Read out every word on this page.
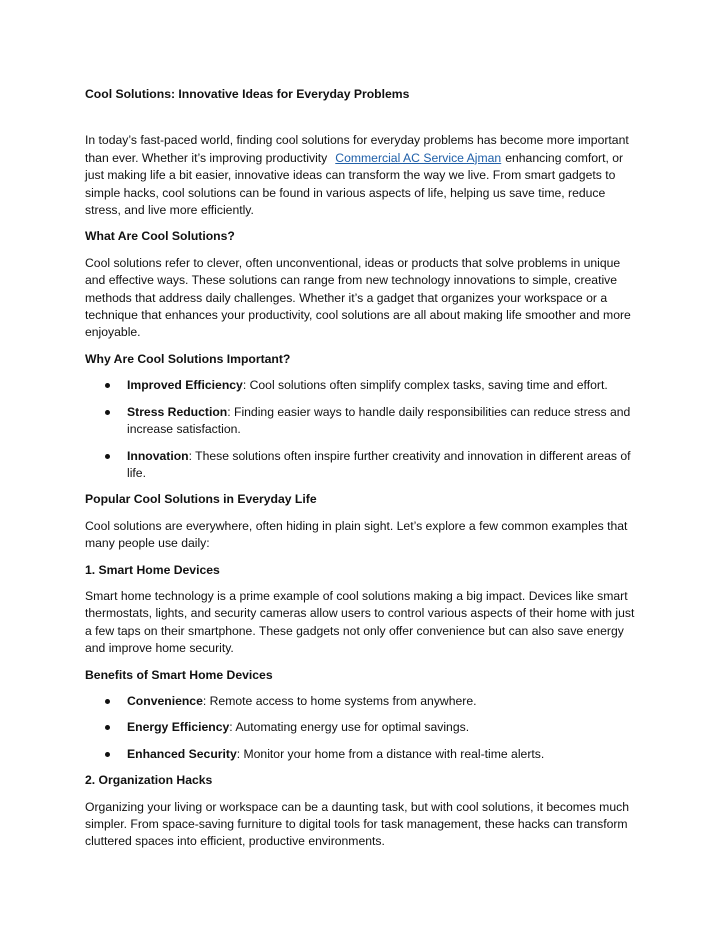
Cool Solutions: Innovative Ideas for Everyday Problems

In today’s fast-paced world, finding cool solutions for everyday problems has become more important than ever. Whether it’s improving productivity Commercial AC Service Ajman enhancing comfort, or just making life a bit easier, innovative ideas can transform the way we live. From smart gadgets to simple hacks, cool solutions can be found in various aspects of life, helping us save time, reduce stress, and live more efficiently.

What Are Cool Solutions?

Cool solutions refer to clever, often unconventional, ideas or products that solve problems in unique and effective ways. These solutions can range from new technology innovations to simple, creative methods that address daily challenges. Whether it’s a gadget that organizes your workspace or a technique that enhances your productivity, cool solutions are all about making life smoother and more enjoyable.

Why Are Cool Solutions Important?
Improved Efficiency: Cool solutions often simplify complex tasks, saving time and effort.
Stress Reduction: Finding easier ways to handle daily responsibilities can reduce stress and increase satisfaction.
Innovation: These solutions often inspire further creativity and innovation in different areas of life.
Popular Cool Solutions in Everyday Life

Cool solutions are everywhere, often hiding in plain sight. Let’s explore a few common examples that many people use daily:

1. Smart Home Devices

Smart home technology is a prime example of cool solutions making a big impact. Devices like smart thermostats, lights, and security cameras allow users to control various aspects of their home with just a few taps on their smartphone. These gadgets not only offer convenience but can also save energy and improve home security.

Benefits of Smart Home Devices
Convenience: Remote access to home systems from anywhere.
Energy Efficiency: Automating energy use for optimal savings.
Enhanced Security: Monitor your home from a distance with real-time alerts.
2. Organization Hacks

Organizing your living or workspace can be a daunting task, but with cool solutions, it becomes much simpler. From space-saving furniture to digital tools for task management, these hacks can transform cluttered spaces into efficient, productive environments.
